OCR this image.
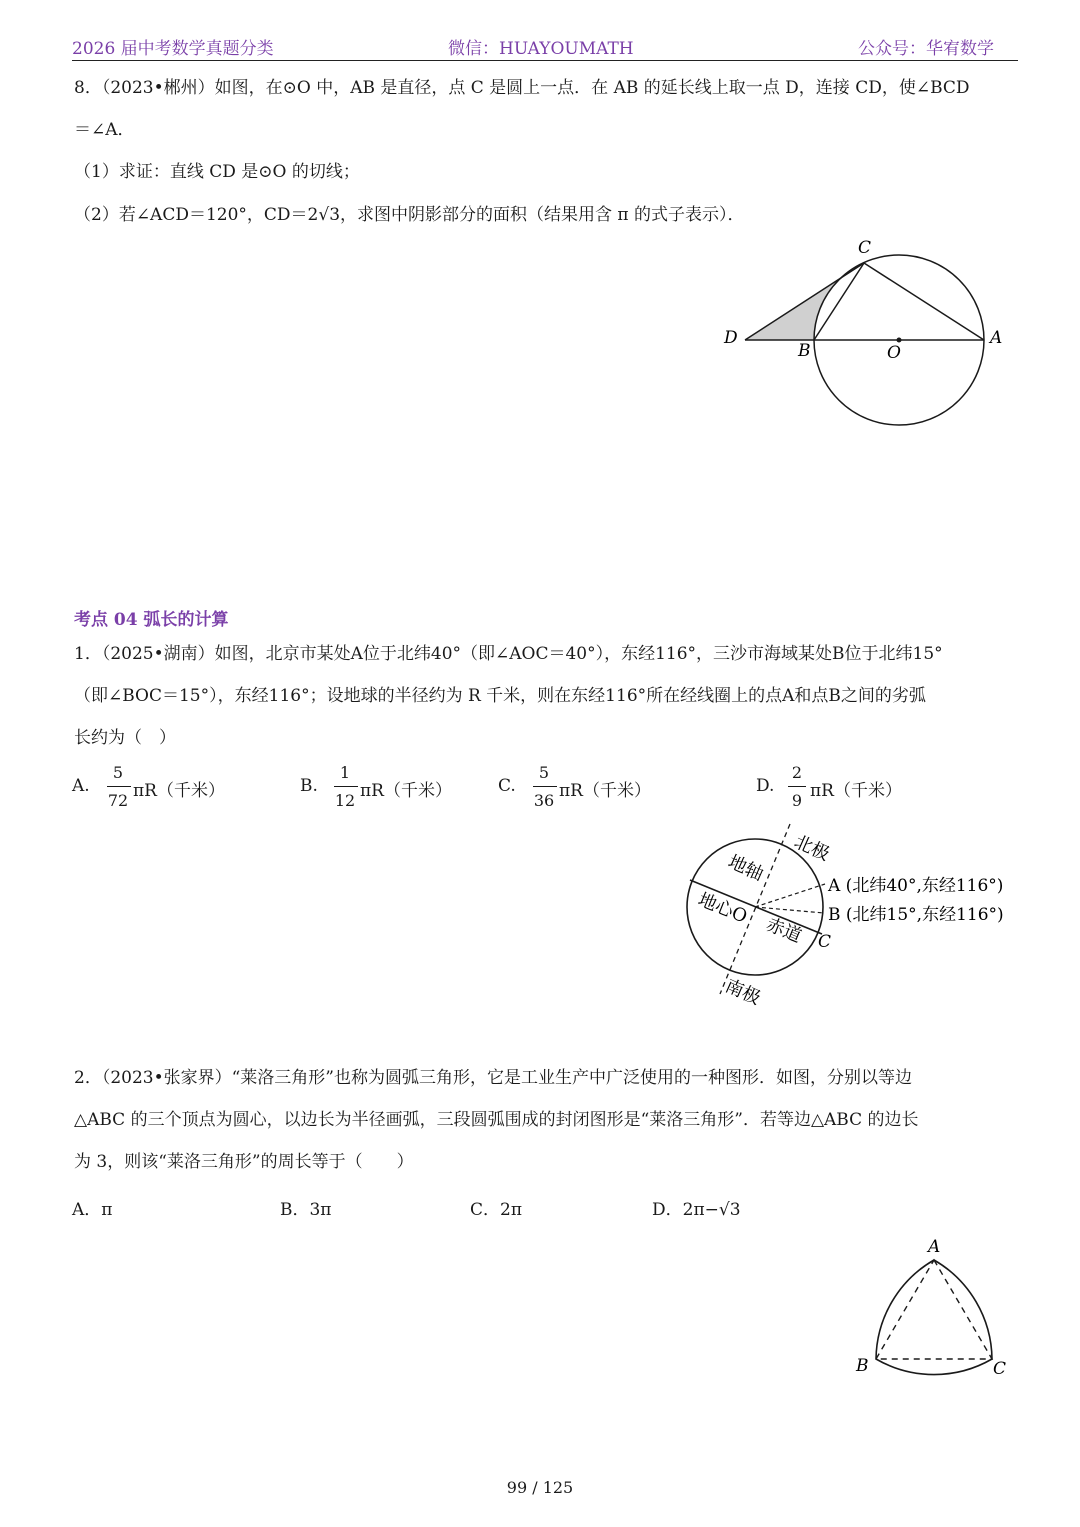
2026 届中考数学真题分类	微信：HUAYOUMATH	公众号：华宥数学
8．（2023•郴州）如图，在⊙O 中，AB 是直径，点 C 是圆上一点．在 AB 的延长线上取一点 D，连接 CD，使∠BCD
＝∠A．
（1）求证：直线 CD 是⊙O 的切线；
（2）若∠ACD＝120°，CD＝2√3，求图中阴影部分的面积（结果用含 π 的式子表示）．
C
D
B	O
A
考点 04 弧长的计算
1．（2025•湖南）如图，北京市某处A位于北纬40°（即∠AOC＝40°），东经116°，三沙市海域某处B位于北纬15°
（即∠BOC＝15°），东经116°；设地球的半径约为 R 千米，则在东经116°所在经线圈上的点A和点B之间的劣弧
长约为（　）
A.
5
72 πR（千米）	B.
1
12 πR（千米）	C.
5
36 πR（千米）	D.
2
9 πR（千米）
北极
地轴
地心O
赤道
南极
A (北纬40°,东经116°)
B (北纬15°,东经116°)
C
2．（2023•张家界）“莱洛三角形”也称为圆弧三角形，它是工业生产中广泛使用的一种图形．如图，分别以等边
△ABC 的三个顶点为圆心，以边长为半径画弧，三段圆弧围成的封闭图形是“莱洛三角形”．若等边△ABC 的边长
为 3，则该“莱洛三角形”的周长等于（　　）
A．π	B．3π	C．2π	D．2π−√3
A
B	C
99 / 125
